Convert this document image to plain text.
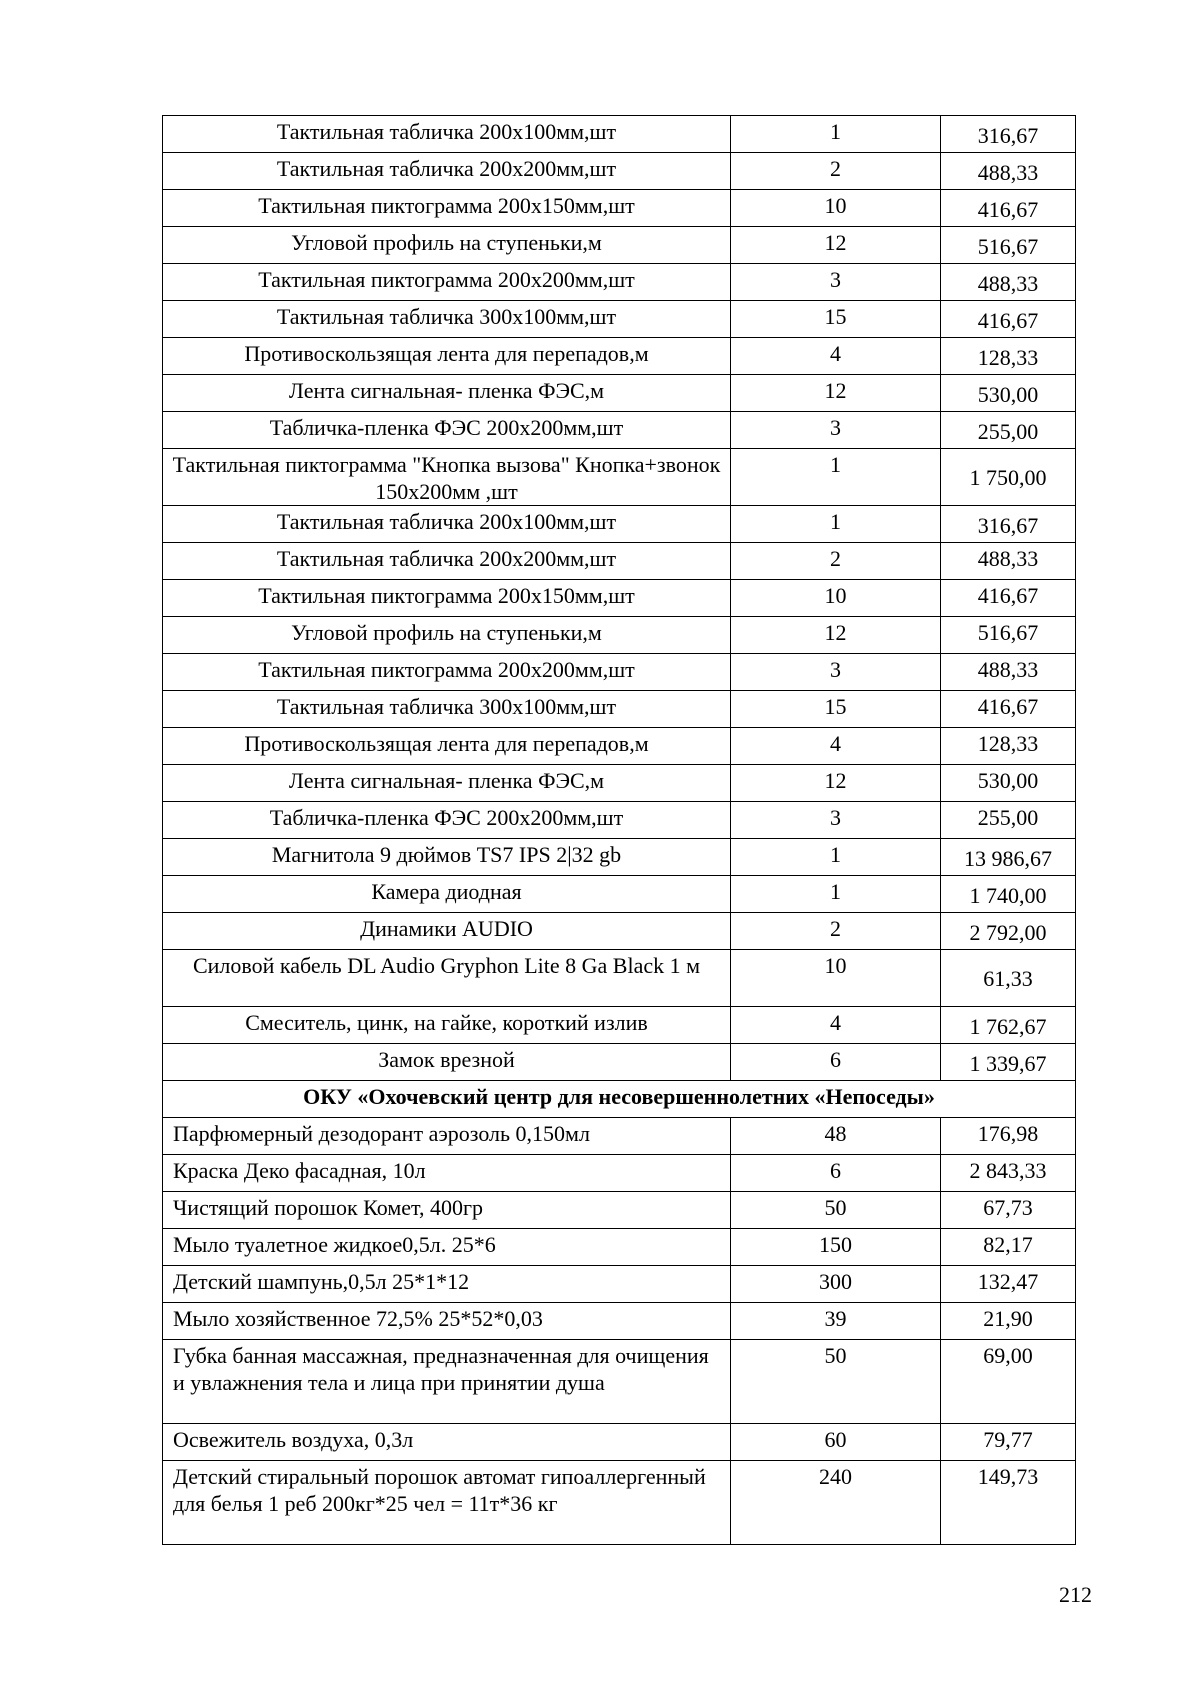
Тактильная табличка 200х100мм,шт	1	316,67
Тактильная табличка 200х200мм,шт	2	488,33
Тактильная пиктограмма 200х150мм,шт	10	416,67
Угловой профиль на ступеньки,м	12	516,67
Тактильная пиктограмма 200х200мм,шт	3	488,33
Тактильная табличка 300х100мм,шт	15	416,67
Противоскользящая лента для перепадов,м	4	128,33
Лента сигнальная- пленка ФЭС,м	12	530,00
Табличка-пленка ФЭС 200х200мм,шт	3	255,00
Тактильная пиктограмма "Кнопка вызова" Кнопка+звонок 150х200мм ,шт	1	1 750,00
Тактильная табличка 200х100мм,шт	1	316,67
Тактильная табличка 200х200мм,шт	2	488,33
Тактильная пиктограмма 200х150мм,шт	10	416,67
Угловой профиль на ступеньки,м	12	516,67
Тактильная пиктограмма 200х200мм,шт	3	488,33
Тактильная табличка 300х100мм,шт	15	416,67
Противоскользящая лента для перепадов,м	4	128,33
Лента сигнальная- пленка ФЭС,м	12	530,00
Табличка-пленка ФЭС 200х200мм,шт	3	255,00
Магнитола 9 дюймов TS7 IPS 2|32 gb	1	13 986,67
Камера диодная	1	1 740,00
Динамики AUDIO	2	2 792,00
Силовой кабель DL Audio Gryphon Lite 8 Ga Black 1 м	10	61,33
Смеситель, цинк, на гайке, короткий излив	4	1 762,67
Замок врезной	6	1 339,67
ОКУ «Охочевский центр для несовершеннолетних «Непоседы»		
Парфюмерный дезодорант аэрозоль 0,150мл	48	176,98
Краска Деко фасадная, 10л	6	2 843,33
Чистящий порошок Комет, 400гр	50	67,73
Мыло туалетное жидкое0,5л. 25*6	150	82,17
Детский шампунь,0,5л 25*1*12	300	132,47
Мыло хозяйственное 72,5% 25*52*0,03	39	21,90
Губка банная массажная, предназначенная для очищения и увлажнения тела и лица при принятии душа	50	69,00
Освежитель воздуха, 0,3л	60	79,77
Детский стиральный порошок автомат гипоаллергенный для белья 1 реб 200кг*25 чел = 11т*36 кг	240	149,73
212
